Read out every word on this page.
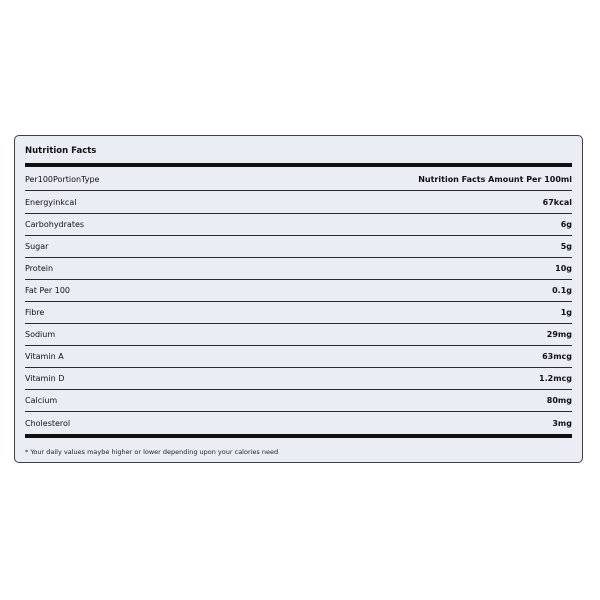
Nutrition Facts
Per100PortionType	Nutrition Facts Amount Per 100ml
Energyinkcal	67kcal
Carbohydrates	6g
Sugar	5g
Protein	10g
Fat Per 100	0.1g
Fibre	1g
Sodium	29mg
Vitamin A	63mcg
Vitamin D	1.2mcg
Calcium	80mg
Cholesterol	3mg
* Your daily values maybe higher or lower depending upon your calories need
